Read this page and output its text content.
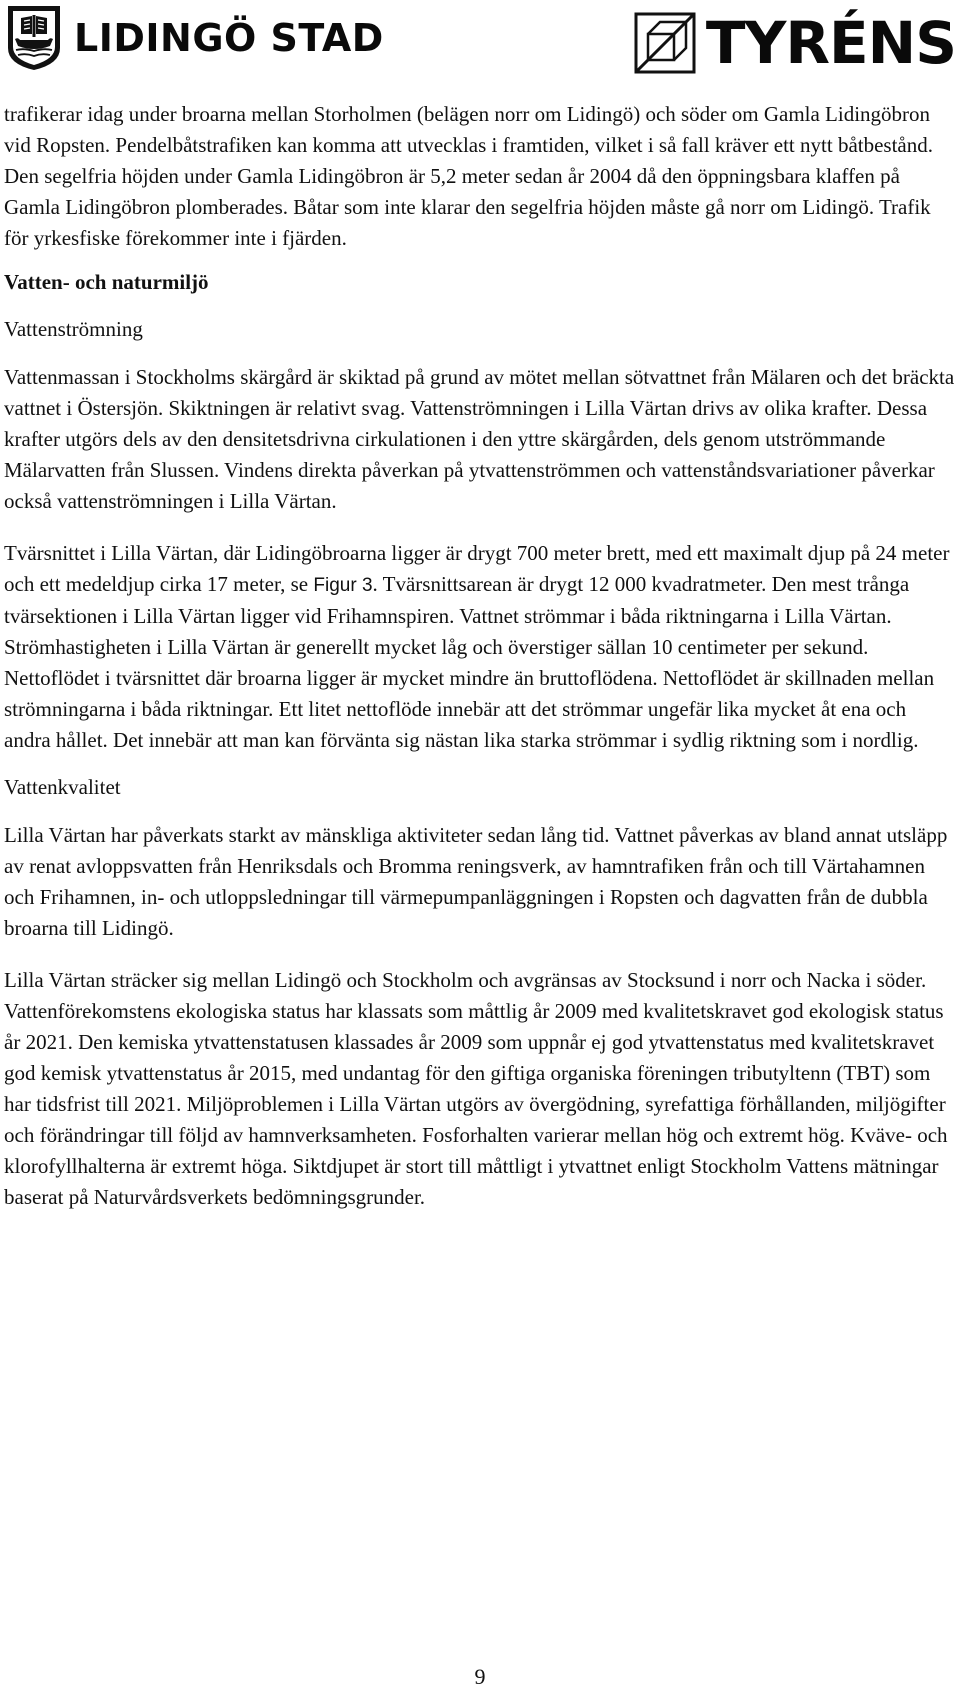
LIDINGÖ STAD	TYRÉNS

trafikerar idag under broarna mellan Storholmen (belägen norr om Lidingö) och söder om Gamla Lidingöbron vid Ropsten. Pendelbåtstrafiken kan komma att utvecklas i framtiden, vilket i så fall kräver ett nytt båtbestånd. Den segelfria höjden under Gamla Lidingöbron är 5,2 meter sedan år 2004 då den öppningsbara klaffen på Gamla Lidingöbron plomberades. Båtar som inte klarar den segelfria höjden måste gå norr om Lidingö. Trafik för yrkesfiske förekommer inte i fjärden.

Vatten- och naturmiljö
Vattenströmning

Vattenmassan i Stockholms skärgård är skiktad på grund av mötet mellan sötvattnet från Mälaren och det bräckta vattnet i Östersjön. Skiktningen är relativt svag. Vattenströmningen i Lilla Värtan drivs av olika krafter. Dessa krafter utgörs dels av den densitetsdrivna cirkulationen i den yttre skärgården, dels genom utströmmande Mälarvatten från Slussen. Vindens direkta påverkan på ytvattenströmmen och vattenståndsvariationer påverkar också vattenströmningen i Lilla Värtan.

Tvärsnittet i Lilla Värtan, där Lidingöbroarna ligger är drygt 700 meter brett, med ett maximalt djup på 24 meter och ett medeldjup cirka 17 meter, se Figur 3. Tvärsnittsarean är drygt 12 000 kvadratmeter. Den mest trånga tvärsektionen i Lilla Värtan ligger vid Frihamnspiren. Vattnet strömmar i båda riktningarna i Lilla Värtan. Strömhastigheten i Lilla Värtan är generellt mycket låg och överstiger sällan 10 centimeter per sekund. Nettoflödet i tvärsnittet där broarna ligger är mycket mindre än bruttoflödena. Nettoflödet är skillnaden mellan strömningarna i båda riktningar. Ett litet nettoflöde innebär att det strömmar ungefär lika mycket åt ena och andra hållet. Det innebär att man kan förvänta sig nästan lika starka strömmar i sydlig riktning som i nordlig.

Vattenkvalitet

Lilla Värtan har påverkats starkt av mänskliga aktiviteter sedan lång tid. Vattnet påverkas av bland annat utsläpp av renat avloppsvatten från Henriksdals och Bromma reningsverk, av hamntrafiken från och till Värtahamnen och Frihamnen, in- och utloppsledningar till värmepumpanläggningen i Ropsten och dagvatten från de dubbla broarna till Lidingö.

Lilla Värtan sträcker sig mellan Lidingö och Stockholm och avgränsas av Stocksund i norr och Nacka i söder. Vattenförekomstens ekologiska status har klassats som måttlig år 2009 med kvalitetskravet god ekologisk status år 2021. Den kemiska ytvattenstatusen klassades år 2009 som uppnår ej god ytvattenstatus med kvalitetskravet god kemisk ytvattenstatus år 2015, med undantag för den giftiga organiska föreningen tributyltenn (TBT) som har tidsfrist till 2021. Miljöproblemen i Lilla Värtan utgörs av övergödning, syrefattiga förhållanden, miljögifter och förändringar till följd av hamnverksamheten. Fosforhalten varierar mellan hög och extremt hög. Kväve- och klorofyllhalterna är extremt höga. Siktdjupet är stort till måttligt i ytvattnet enligt Stockholm Vattens mätningar baserat på Naturvårdsverkets bedömningsgrunder.

9
